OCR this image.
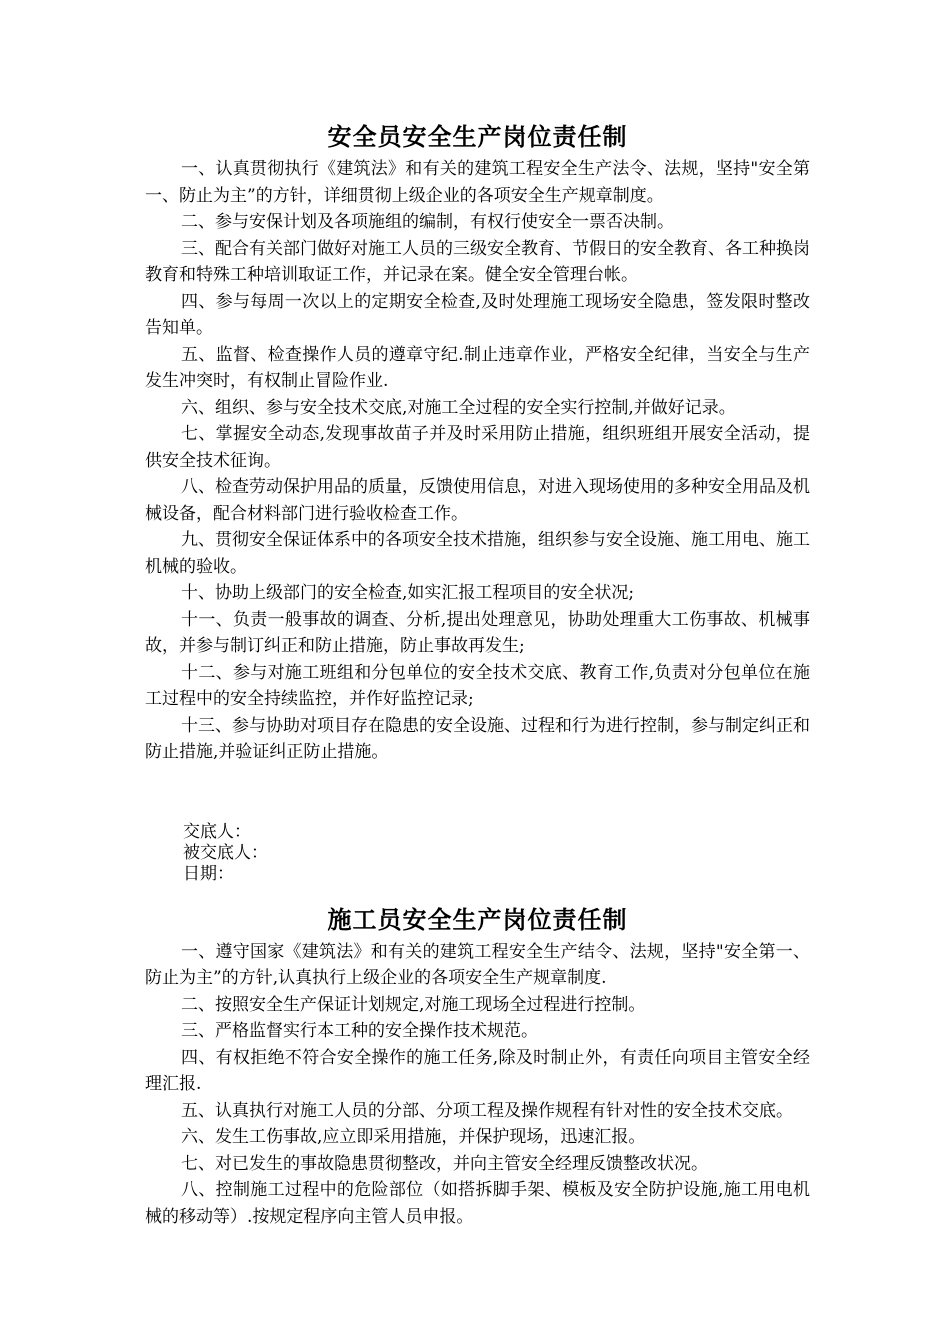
安全员安全生产岗位责任制

一、认真贯彻执行《建筑法》和有关的建筑工程安全生产法令、法规，坚持"安全第一、防止为主”的方针，详细贯彻上级企业的各项安全生产规章制度。

二、参与安保计划及各项施组的编制，有权行使安全一票否决制。

三、配合有关部门做好对施工人员的三级安全教育、节假日的安全教育、各工种换岗教育和特殊工种培训取证工作，并记录在案。健全安全管理台帐。

四、参与每周一次以上的定期安全检查,及时处理施工现场安全隐患，签发限时整改告知单。

五、监督、检查操作人员的遵章守纪.制止违章作业，严格安全纪律，当安全与生产发生冲突时，有权制止冒险作业.

六、组织、参与安全技术交底,对施工全过程的安全实行控制,并做好记录。

七、掌握安全动态,发现事故苗子并及时采用防止措施，组织班组开展安全活动，提供安全技术征询。

八、检查劳动保护用品的质量，反馈使用信息，对进入现场使用的多种安全用品及机械设备，配合材料部门进行验收检查工作。

九、贯彻安全保证体系中的各项安全技术措施，组织参与安全设施、施工用电、施工机械的验收。

十、协助上级部门的安全检查,如实汇报工程项目的安全状况;

十一、负责一般事故的调查、分析,提出处理意见，协助处理重大工伤事故、机械事故，并参与制订纠正和防止措施，防止事故再发生;

十二、参与对施工班组和分包单位的安全技术交底、教育工作,负责对分包单位在施工过程中的安全持续监控，并作好监控记录;

十三、参与协助对项目存在隐患的安全设施、过程和行为进行控制，参与制定纠正和防止措施,并验证纠正防止措施。

交底人：

被交底人：

日期：

施工员安全生产岗位责任制

一、遵守国家《建筑法》和有关的建筑工程安全生产结令、法规，坚持"安全第一、防止为主”的方针,认真执行上级企业的各项安全生产规章制度.

二、按照安全生产保证计划规定,对施工现场全过程进行控制。

三、严格监督实行本工种的安全操作技术规范。

四、有权拒绝不符合安全操作的施工任务,除及时制止外，有责任向项目主管安全经理汇报.

五、认真执行对施工人员的分部、分项工程及操作规程有针对性的安全技术交底。

六、发生工伤事故,应立即采用措施，并保护现场，迅速汇报。

七、对已发生的事故隐患贯彻整改，并向主管安全经理反馈整改状况。

八、控制施工过程中的危险部位（如搭拆脚手架、模板及安全防护设施,施工用电机械的移动等）.按规定程序向主管人员申报。
